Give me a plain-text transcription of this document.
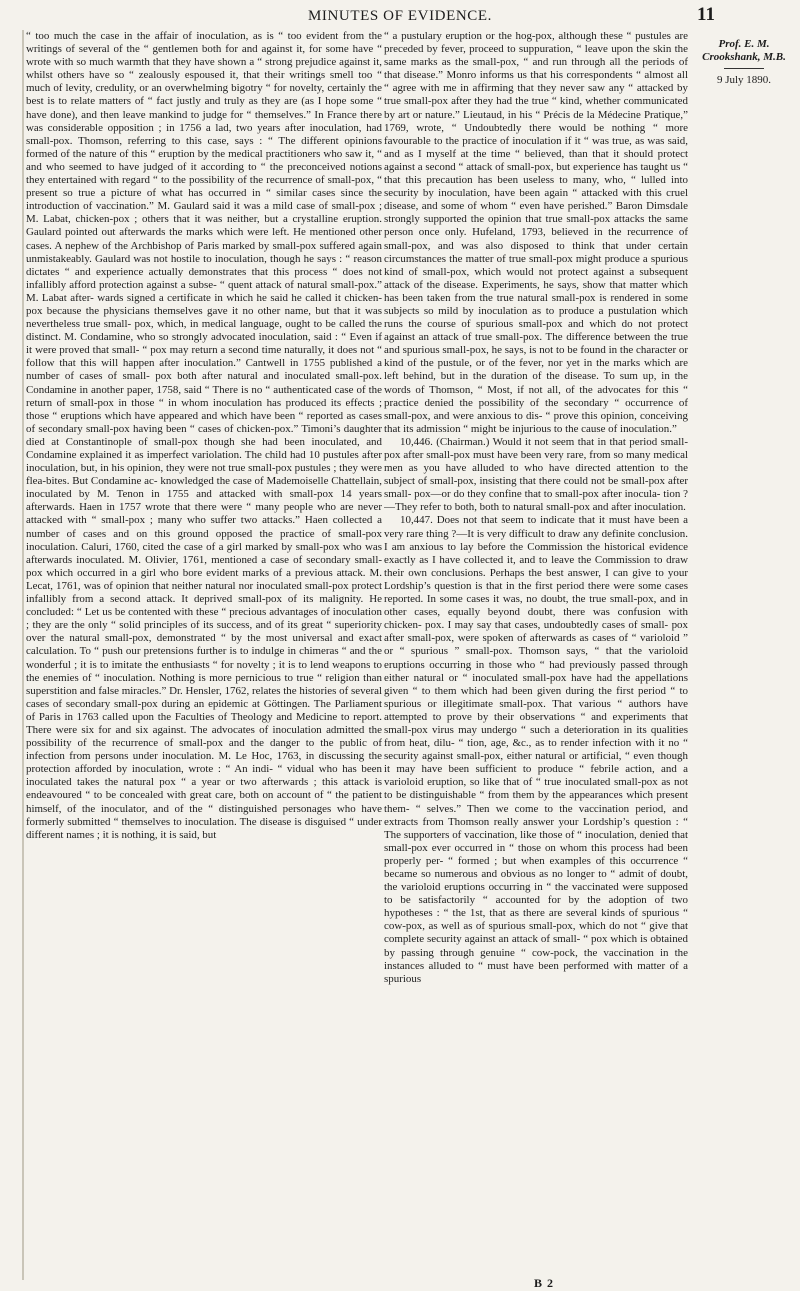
MINUTES OF EVIDENCE.	11

“ too much the case in the affair of inoculation, as is “ too evident from the writings of several of the “ gentlemen both for and against it, for some have “ wrote with so much warmth that they have shown a “ strong prejudice against it, whilst others have so “ zealously espoused it, that their writings smell too “ much of levity, credulity, or an overwhelming bigotry “ for novelty, certainly the best is to relate matters of “ fact justly and truly as they are (as I hope some “ have done), and then leave mankind to judge for “ themselves.” In France there was considerable opposition ; in 1756 a lad, two years after inoculation, had small-pox. Thomson, referring to this case, says : “ The different opinions formed of the nature of this “ eruption by the medical practitioners who saw it, “ and who seemed to have judged of it according to “ the preconceived notions they entertained with regard “ to the possibility of the recurrence of small-pox, “ present so true a picture of what has occurred in “ similar cases since the introduction of vaccination.” M. Gaulard said it was a mild case of small-pox ; M. Labat, chicken-pox ; others that it was neither, but a crystalline eruption. Gaulard pointed out afterwards the marks which were left. He mentioned other cases. A nephew of the Archbishop of Paris marked by small-pox suffered again unmistakeably. Gaulard was not hostile to inoculation, though he says : “ reason dictates “ and experience actually demonstrates that this process “ does not infallibly afford protection against a subse- “ quent attack of natural small-pox.” M. Labat after- wards signed a certificate in which he said he called it chicken-pox because the physicians themselves gave it no other name, but that it was nevertheless true small- pox, which, in medical language, ought to be called the distinct. M. Condamine, who so strongly advocated inoculation, said : “ Even if it were proved that small- “ pox may return a second time naturally, it does not “ follow that this will happen after inoculation.” Cantwell in 1755 published a number of cases of small- pox both after natural and inoculated small-pox. Condamine in another paper, 1758, said “ There is no “ authenticated case of the return of small-pox in those “ in whom inoculation has produced its effects ; those “ eruptions which have appeared and which have been “ reported as cases of secondary small-pox having been “ cases of chicken-pox.” Timoni’s daughter died at Constantinople of small-pox though she had been inoculated, and Condamine explained it as imperfect variolation. The child had 10 pustules after inoculation, but, in his opinion, they were not true small-pox pustules ; they were flea-bites. But Condamine ac- knowledged the case of Mademoiselle Chattellain, inoculated by M. Tenon in 1755 and attacked with small-pox 14 years afterwards. Haen in 1757 wrote that there were “ many people who are never attacked with “ small-pox ; many who suffer two attacks.” Haen collected a number of cases and on this ground opposed the practice of small-pox inoculation. Caluri, 1760, cited the case of a girl marked by small-pox who was afterwards inoculated. M. Olivier, 1761, mentioned a case of secondary small-pox which occurred in a girl who bore evident marks of a previous attack. M. Lecat, 1761, was of opinion that neither natural nor inoculated small-pox protect infallibly from a second attack. It deprived small-pox of its malignity. He concluded: “ Let us be contented with these “ precious advantages of inoculation ; they are the only “ solid principles of its success, and of its great “ superiority over the natural small-pox, demonstrated “ by the most universal and exact calculation. To “ push our pretensions further is to indulge in chimeras “ and the wonderful ; it is to imitate the enthusiasts “ for novelty ; it is to lend weapons to the enemies of “ inoculation. Nothing is more pernicious to true “ religion than superstition and false miracles.” Dr. Hensler, 1762, relates the histories of several cases of secondary small-pox during an epidemic at Göttingen. The Parliament of Paris in 1763 called upon the Faculties of Theology and Medicine to report. There were six for and six against. The advocates of inoculation admitted the possibility of the recurrence of small-pox and the danger to the public of infection from persons under inoculation. M. Le Hoc, 1763, in discussing the protection afforded by inoculation, wrote : “ An indi- “ vidual who has been inoculated takes the natural pox “ a year or two afterwards ; this attack is endeavoured “ to be concealed with great care, both on account of “ the patient himself, of the inoculator, and of the “ distinguished personages who have formerly submitted “ themselves to inoculation. The disease is disguised “ under different names ; it is nothing, it is said, but

“ a pustulary eruption or the hog-pox, although these “ pustules are preceded by fever, proceed to suppuration, “ leave upon the skin the same marks as the small-pox, “ and run through all the periods of that disease.” Monro informs us that his correspondents “ almost all “ agree with me in affirming that they never saw any “ attacked by true small-pox after they had the true “ kind, whether communicated by art or nature.” Lieutaud, in his “ Précis de la Médecine Pratique,” 1769, wrote, “ Undoubtedly there would be nothing “ more favourable to the practice of inoculation if it “ was true, as was said, and as I myself at the time “ believed, than that it should protect against a second “ attack of small-pox, but experience has taught us “ that this precaution has been useless to many, who, “ lulled into security by inoculation, have been again “ attacked with this cruel disease, and some of whom “ even have perished.” Baron Dimsdale strongly supported the opinion that true small-pox attacks the same person once only. Hufeland, 1793, believed in the recurrence of small-pox, and was also disposed to think that under certain circumstances the matter of true small-pox might produce a spurious kind of small-pox, which would not protect against a subsequent attack of the disease. Experiments, he says, show that matter which has been taken from the true natural small-pox is rendered in some subjects so mild by inoculation as to produce a pustulation which runs the course of spurious small-pox and which do not protect against an attack of true small-pox. The difference between the true and spurious small-pox, he says, is not to be found in the character or kind of the pustule, or of the fever, nor yet in the marks which are left behind, but in the duration of the disease. To sum up, in the words of Thomson, “ Most, if not all, of the advocates for this “ practice denied the possibility of the secondary “ occurrence of small-pox, and were anxious to dis- “ prove this opinion, conceiving that its admission “ might be injurious to the cause of inoculation.”

10,446. (Chairman.) Would it not seem that in that period small-pox after small-pox must have been very rare, from so many medical men as you have alluded to who have directed attention to the subject of small-pox, insisting that there could not be small-pox after small- pox—or do they confine that to small-pox after inocula- tion ?—They refer to both, both to natural small-pox and after inoculation.

10,447. Does not that seem to indicate that it must have been a very rare thing ?—It is very difficult to draw any definite conclusion. I am anxious to lay before the Commission the historical evidence exactly as I have collected it, and to leave the Commission to draw their own conclusions. Perhaps the best answer, I can give to your Lordship’s question is that in the first period there were some cases reported. In some cases it was, no doubt, the true small-pox, and in other cases, equally beyond doubt, there was confusion with chicken- pox. I may say that cases, undoubtedly cases of small- pox after small-pox, were spoken of afterwards as cases of “ varioloid ” or “ spurious ” small-pox. Thomson says, “ that the varioloid eruptions occurring in those who “ had previously passed through either natural or “ inoculated small-pox have had the appellations given “ to them which had been given during the first period “ to spurious or illegitimate small-pox. That various “ authors have attempted to prove by their observations “ and experiments that small-pox virus may undergo “ such a deterioration in its qualities from heat, dilu- “ tion, age, &c., as to render infection with it no “ security against small-pox, either natural or artificial, “ even though it may have been sufficient to produce “ febrile action, and a varioloid eruption, so like that of “ true inoculated small-pox as not to be distinguishable “ from them by the appearances which present them- “ selves.” Then we come to the vaccination period, and extracts from Thomson really answer your Lordship’s question : “ The supporters of vaccination, like those of “ inoculation, denied that small-pox ever occurred in “ those on whom this process had been properly per- “ formed ; but when examples of this occurrence “ became so numerous and obvious as no longer to “ admit of doubt, the varioloid eruptions occurring in “ the vaccinated were supposed to be satisfactorily “ accounted for by the adoption of two hypotheses : “ the 1st, that as there are several kinds of spurious “ cow-pox, as well as of spurious small-pox, which do not “ give that complete security against an attack of small- “ pox which is obtained by passing through genuine “ cow-pock, the vaccination in the instances alluded to “ must have been performed with matter of a spurious

Prof. E. M. Crookshank, M.B.
9 July 1890.
B 2
